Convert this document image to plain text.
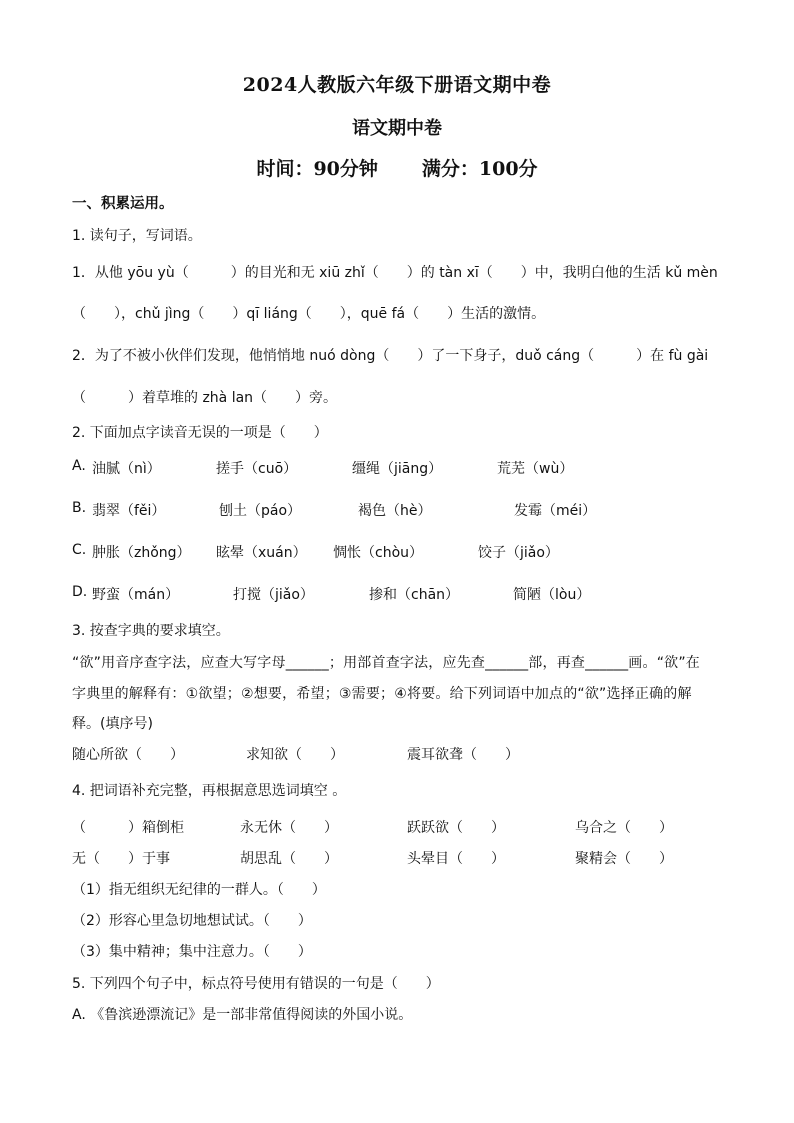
2024人教版六年级下册语文期中卷
语文期中卷
时间：90分钟 满分：100分
一、积累运用。
1. 读句子，写词语。
1．从他 yōu yù（　　　）的目光和无 xiū zhǐ（　　）的 tàn xī（　　）中，我明白他的生活 kǔ mèn
（　　），chǔ jìng（　　）qī liáng（　　），quē fá（　　）生活的激情。
2．为了不被小伙伴们发现，他悄悄地 nuó dòng（　　）了一下身子，duǒ cáng（　　　）在 fù gài
（　　　）着草堆的 zhà lan（　　）旁。
2. 下面加点字读音无误的一项是（　　）
A. 油腻（nì）	搓手（cuō）	缰绳（jiāng）	荒芜（wù）
B. 翡翠（fěi）	刨土（páo）	褐色（hè）	发霉（méi）
C. 肿胀（zhǒng） 眩晕（xuán） 惆怅（chòu）	饺子（jiǎo）
D. 野蛮（mán）	打搅（jiǎo）	掺和（chān）	简陋（lòu）
3. 按查字典的要求填空。
“欲”用音序查字法，应查大写字母______；用部首查字法，应先查______部，再查______画。“欲”在
字典里的解释有：①欲望；②想要，希望；③需要；④将要。给下列词语中加点的“欲”选择正确的解
释。(填序号)
随心所欲（　　）	求知欲（　　）	震耳欲聋（　　）
4. 把词语补充完整，再根据意思选词填空 。
（　　　）箱倒柜	永无休（　　）	跃跃欲（　　）	乌合之（　　）
无（　　）于事	胡思乱（　　）	头晕目（　　）	聚精会（　　）
（1）指无组织无纪律的一群人。（　　）
（2）形容心里急切地想试试。（　　）
（3）集中精神；集中注意力。（　　）
5. 下列四个句子中，标点符号使用有错误的一句是（　　）
A. 《鲁滨逊漂流记》是一部非常值得阅读的外国小说。
